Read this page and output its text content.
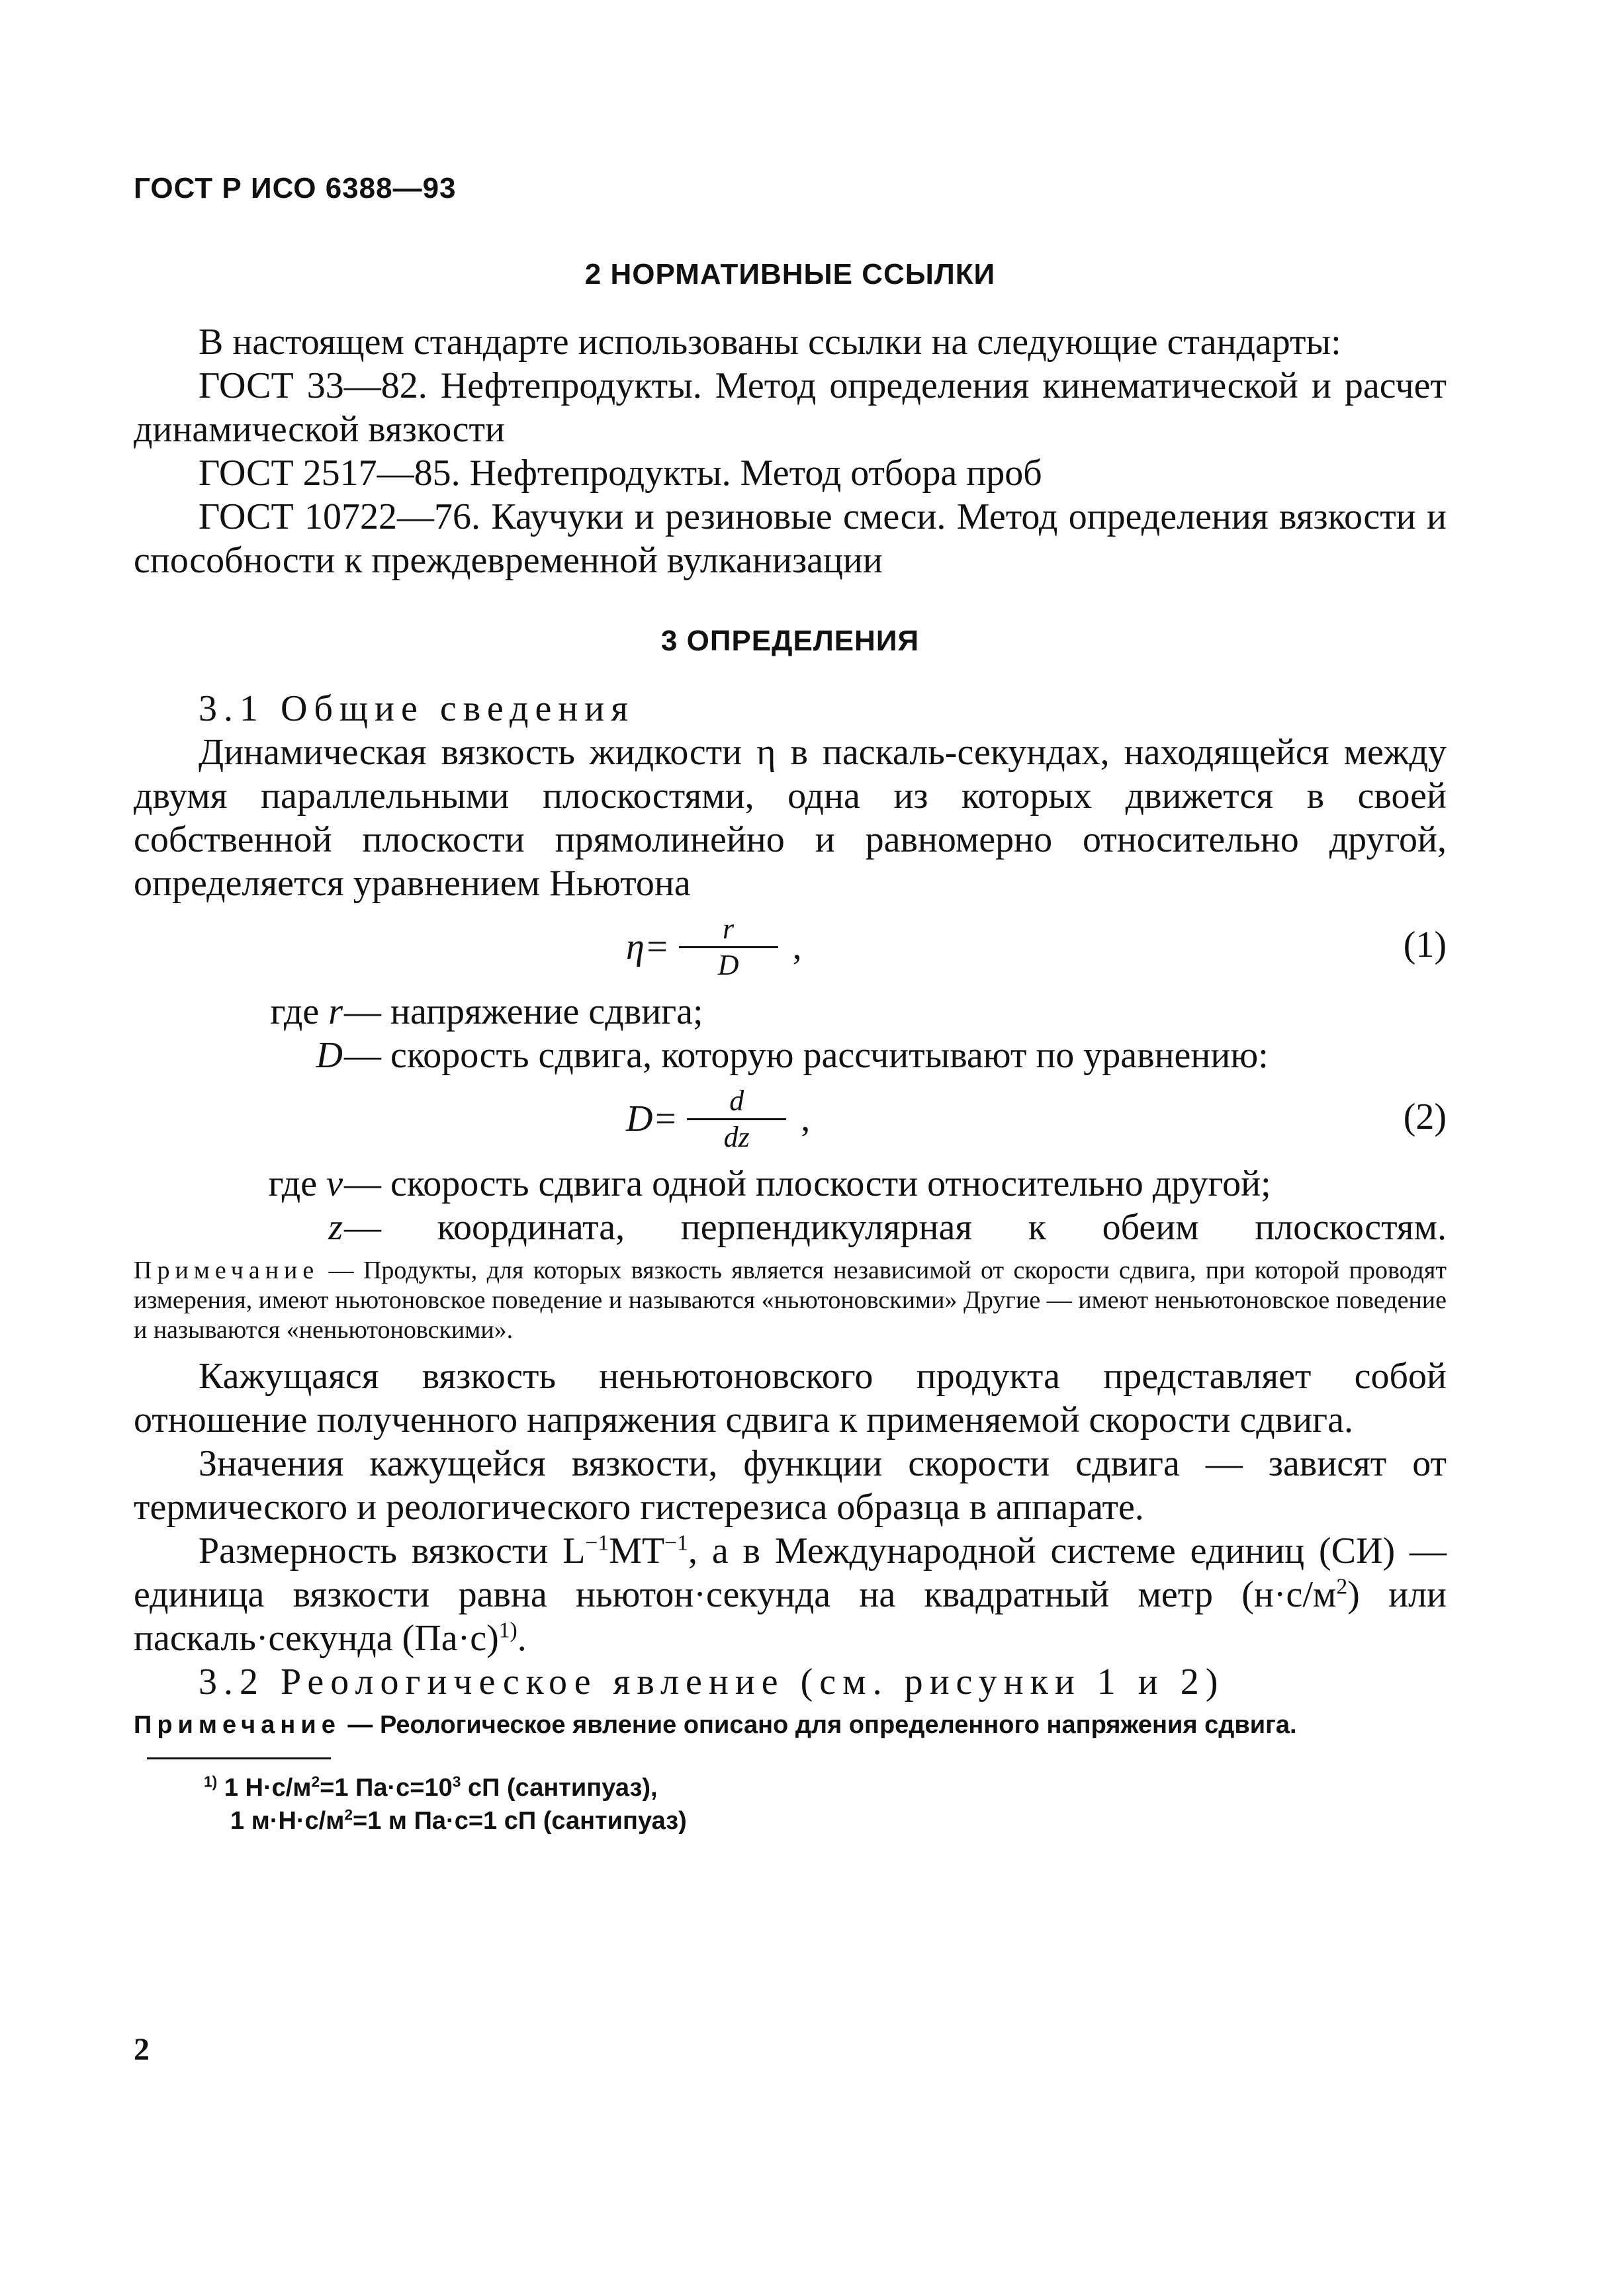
ГОСТ Р ИСО 6388—93
2 НОРМАТИВНЫЕ ССЫЛКИ

В настоящем стандарте использованы ссылки на следующие стандарты:

ГОСТ 33—82. Нефтепродукты. Метод определения кинематической и расчет динамической вязкости

ГОСТ 2517—85. Нефтепродукты. Метод отбора проб

ГОСТ 10722—76. Каучуки и резиновые смеси. Метод определения вязкости и способности к преждевременной вулканизации

3 ОПРЕДЕЛЕНИЯ

3.1 Общие сведения

Динамическая вязкость жидкости η в паскаль-секундах, находящейся между двумя параллельными плоскостями, одна из которых движется в своей собственной плоскости прямолинейно и равномерно относительно другой, определяется уравнением Ньютона

$\eta= \frac{r}{D}$ ,	(1)
где r — напряжение сдвига;
D — скорость сдвига, которую рассчитывают по уравнению:
$D= \frac{d}{dz}$ ,	(2)
где v — скорость сдвига одной плоскости относительно другой;
z — координата, перпендикулярная к обеим плоскостям.

Примечание — Продукты, для которых вязкость является независимой от скорости сдвига, при которой проводят измерения, имеют ньютоновское поведение и называются «ньютоновскими» Другие — имеют неньютоновское поведение и называются «неньютоновскими».

Кажущаяся вязкость неньютоновского продукта представляет собой отношение полученного напряжения сдвига к применяемой скорости сдвига.

Значения кажущейся вязкости, функции скорости сдвига — зависят от термического и реологического гистерезиса образца в аппарате.

Размерность вязкости $L^{-1}MT^{-1}$, а в Международной системе единиц (СИ) — единица вязкости равна ньютон·секунда на квадратный метр $(н\cdot с/м^2)$ или паскаль·секунда $(Па\cdot с)^{1)}$.

3.2 Реологическое явление (см. рисунки 1 и 2)

Примечание — Реологическое явление описано для определенного напряжения сдвига.

$^{1)}$ 1 $Н\cdot с/м^2=1$ $Па\cdot с=10^3$ сП (сантипуаз),

1 $м\cdot Н\cdot с/м^2=1$ м Па·с=1 сП (сантипуаз)

2
